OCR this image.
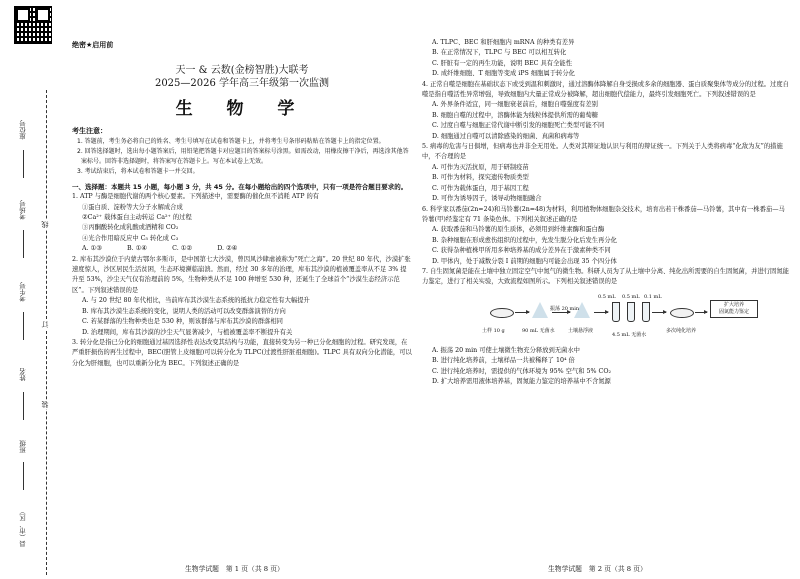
座位号
考场号
考生号
姓名
班级
县（市、区）
线
订
装
绝密★启用前
天一 & 云数(金榜智胜)大联考
2025—2026 学年高三年级第一次监测
生 物 学
考生注意：
1. 答题前，考生务必将自己的姓名、考生号填写在试卷和答题卡上，并将考生号条形码粘贴在答题卡上的指定位置。
2. 回答选择题时，选出每小题答案后，用铅笔把答题卡对应题目的答案标号涂黑。如需改动，用橡皮擦干净后，再选涂其他答案标号。回答非选择题时，将答案写在答题卡上。写在本试卷上无效。
3. 考试结束后，将本试卷和答题卡一并交回。
一、选择题：本题共 15 小题，每小题 3 分，共 45 分。在每小题给出的四个选项中，只有一项是符合题目要求的。
1. ATP 与酶是细胞代谢的两个核心要素。下列描述中，需要酶的催化但不消耗 ATP 的有
①蛋白质、淀粉等大分子水解成合成
②Ca²⁺ 载体蛋白主动转运 Ca²⁺ 的过程
③丙酮酸转化成乳酸或酒精和 CO₂
④光合作用暗反应中 C₅ 转化成 C₃
A. ①③　　　　B. ①④　　　　C. ①②　　　　D. ②④
2. 库布其沙漠位于内蒙古鄂尔多斯市，是中国第七大沙漠，曾因风沙肆虐被称为“死亡之海”。20 世纪 80 年代，沙漠扩张速度惊人，沙区居民生活贫困，生态环境濒临崩溃。然而，经过 30 多年的治理，库布其沙漠的植被覆盖率从不足 3% 提升至 53%，沙尘天气仅有治理前的 5%，生物种类从不足 100 种增至 530 种，还诞生了全球首个“沙漠生态经济示范区”。下列叙述错误的是
A. 与 20 世纪 80 年代相比，当前库布其沙漠生态系统的抵抗力稳定性有大幅提升
B. 库布其沙漠生态系统的变化，说明人类的活动可以改变群落演替的方向
C. 若某群落的生物种类也是 530 种，则该群落与库布其沙漠的群落相同
D. 治理期间，库布其沙漠的沙尘天气显著减少，与植被覆盖率不断提升有关
3. 转分化是指已分化的细胞通过基因选择性表达改变其结构与功能，直接转变为另一种已分化细胞的过程。研究发现，在严重肝损伤的再生过程中，BEC(胆管上皮细胞)可以转分化为 TLPC(过渡性肝脏祖细胞)。TLPC 具有双向分化潜能，可以分化为肝细胞，也可以重新分化为 BEC。下列叙述正确的是
生物学试题　第 1 页（共 8 页）
A. TLPC、BEC 和肝细胞内 mRNA 的种类有差异
B. 在正常情况下，TLPC 与 BEC 可以相互转化
C. 肝脏有一定的再生功能，说明 BEC 具有全能性
D. 成纤维细胞、T 细胞等变成 iPS 细胞属于转分化
4. 正常自噬是细胞在基础状态下或受到温和刺激时，通过溶酶体降解自身受损或多余的细胞器、蛋白质聚集体等成分的过程。过度自噬是指自噬活性异常增强，导致细胞内大量正常成分被降解，超出细胞代偿能力，最终引发细胞死亡。下列叙述错误的是
A. 外界条件适宜，同一细胞衰老前后，细胞自噬强度有差别
B. 细胞自噬的过程中，溶酶体能为线粒体提供所需的葡萄糖
C. 过度自噬与细胞正常代谢中断引发的细胞死亡类型可能不同
D. 细胞通过自噬可以清除感染的细菌、真菌和病毒等
5. 病毒的危害与日俱增，但病毒也并非全无用处。人类对其辩证地认识与利用的辩证统一。下列关于人类将病毒“化敌为友”的措施中，不合理的是
A. 可作为灭活抗原，用于研制疫苗
B. 可作为材料，探究遗传物质类型
C. 可作为载体蛋白，用于基因工程
D. 可作为诱导因子，诱导动物细胞融合
6. 科学家以番茄(2n=24)和马铃薯(2n=48)为材料，利用植物体细胞杂交技术，培育出若干株番茄—马铃薯，其中有一株番茄—马铃薯(甲)经鉴定有 71 条染色体。下列相关叙述正确的是
A. 获取番茄和马铃薯的原生质体，必须用到纤维素酶和蛋白酶
B. 杂种细胞在形成愈伤组织的过程中，先发生脱分化后发生再分化
C. 获得杂种植株甲所用多种培养基的成分差异在于激素种类不同
D. 甲体内，处于减数分裂 I 前期的细胞内可能会出现 35 个四分体
7. 自生固氮菌是能在土壤中独立固定空气中氮气的微生物。科研人员为了从土壤中分离、纯化出所需要的自生固氮菌，并进行固氮能力鉴定，进行了相关实验，大致流程如图所示。下列相关叙述错误的是
0.5 mL 0.5 mL 0.1 mL
扩大培养
固氮能力鉴定
土样 10 g	90 mL 无菌水
振荡 20 min
土壤悬浮液
4.5 mL 无菌水
多次纯化培养
A. 振荡 20 min 可使土壤微生物充分释放到无菌水中
B. 进行纯化培养前，土壤样品一共被稀释了 10⁴ 倍
C. 进行纯化培养时，需提供的气体环境为 95% 空气和 5% CO₂
D. 扩大培养需用液体培养基，固氮能力鉴定的培养基中不含氮源
生物学试题　第 2 页（共 8 页）
